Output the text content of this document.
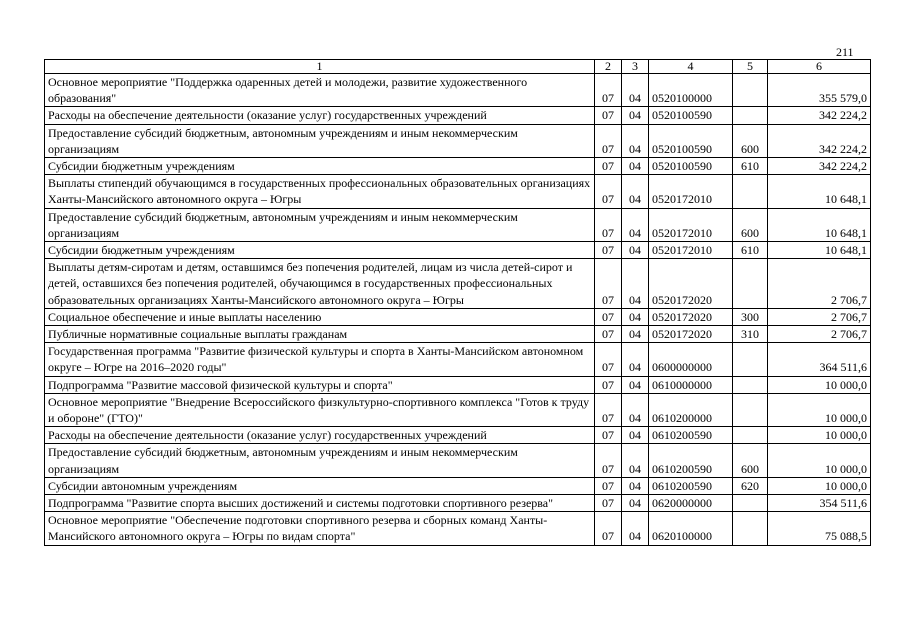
211
1	2	3	4	5	6
Основное мероприятие "Поддержка одаренных детей и молодежи, развитие художественного образования"	07	04	0520100000		355 579,0
Расходы на обеспечение деятельности (оказание услуг) государственных учреждений	07	04	0520100590		342 224,2
Предоставление субсидий бюджетным, автономным учреждениям и иным некоммерческим организациям	07	04	0520100590	600	342 224,2
Субсидии бюджетным учреждениям	07	04	0520100590	610	342 224,2
Выплаты стипендий обучающимся в государственных профессиональных образовательных организациях Ханты-Мансийского автономного округа – Югры	07	04	0520172010		10 648,1
Предоставление субсидий бюджетным, автономным учреждениям и иным некоммерческим организациям	07	04	0520172010	600	10 648,1
Субсидии бюджетным учреждениям	07	04	0520172010	610	10 648,1
Выплаты детям-сиротам и детям, оставшимся без попечения родителей, лицам из числа детей-сирот и детей, оставшихся без попечения родителей, обучающимся в государственных профессиональных образовательных организациях Ханты-Мансийского автономного округа – Югры	07	04	0520172020		2 706,7
Социальное обеспечение и иные выплаты населению	07	04	0520172020	300	2 706,7
Публичные нормативные социальные выплаты гражданам	07	04	0520172020	310	2 706,7
Государственная программа "Развитие физической культуры и спорта в Ханты-Мансийском автономном округе – Югре на 2016–2020 годы"	07	04	0600000000		364 511,6
Подпрограмма "Развитие массовой физической культуры и спорта"	07	04	0610000000		10 000,0
Основное мероприятие "Внедрение Всероссийского физкультурно-спортивного комплекса "Готов к труду и обороне" (ГТО)"	07	04	0610200000		10 000,0
Расходы на обеспечение деятельности (оказание услуг) государственных учреждений	07	04	0610200590		10 000,0
Предоставление субсидий бюджетным, автономным учреждениям и иным некоммерческим организациям	07	04	0610200590	600	10 000,0
Субсидии автономным учреждениям	07	04	0610200590	620	10 000,0
Подпрограмма "Развитие спорта высших достижений и системы подготовки спортивного резерва"	07	04	0620000000		354 511,6
Основное мероприятие "Обеспечение подготовки спортивного резерва и сборных команд Ханты-Мансийского автономного округа – Югры по видам спорта"	07	04	0620100000		75 088,5
